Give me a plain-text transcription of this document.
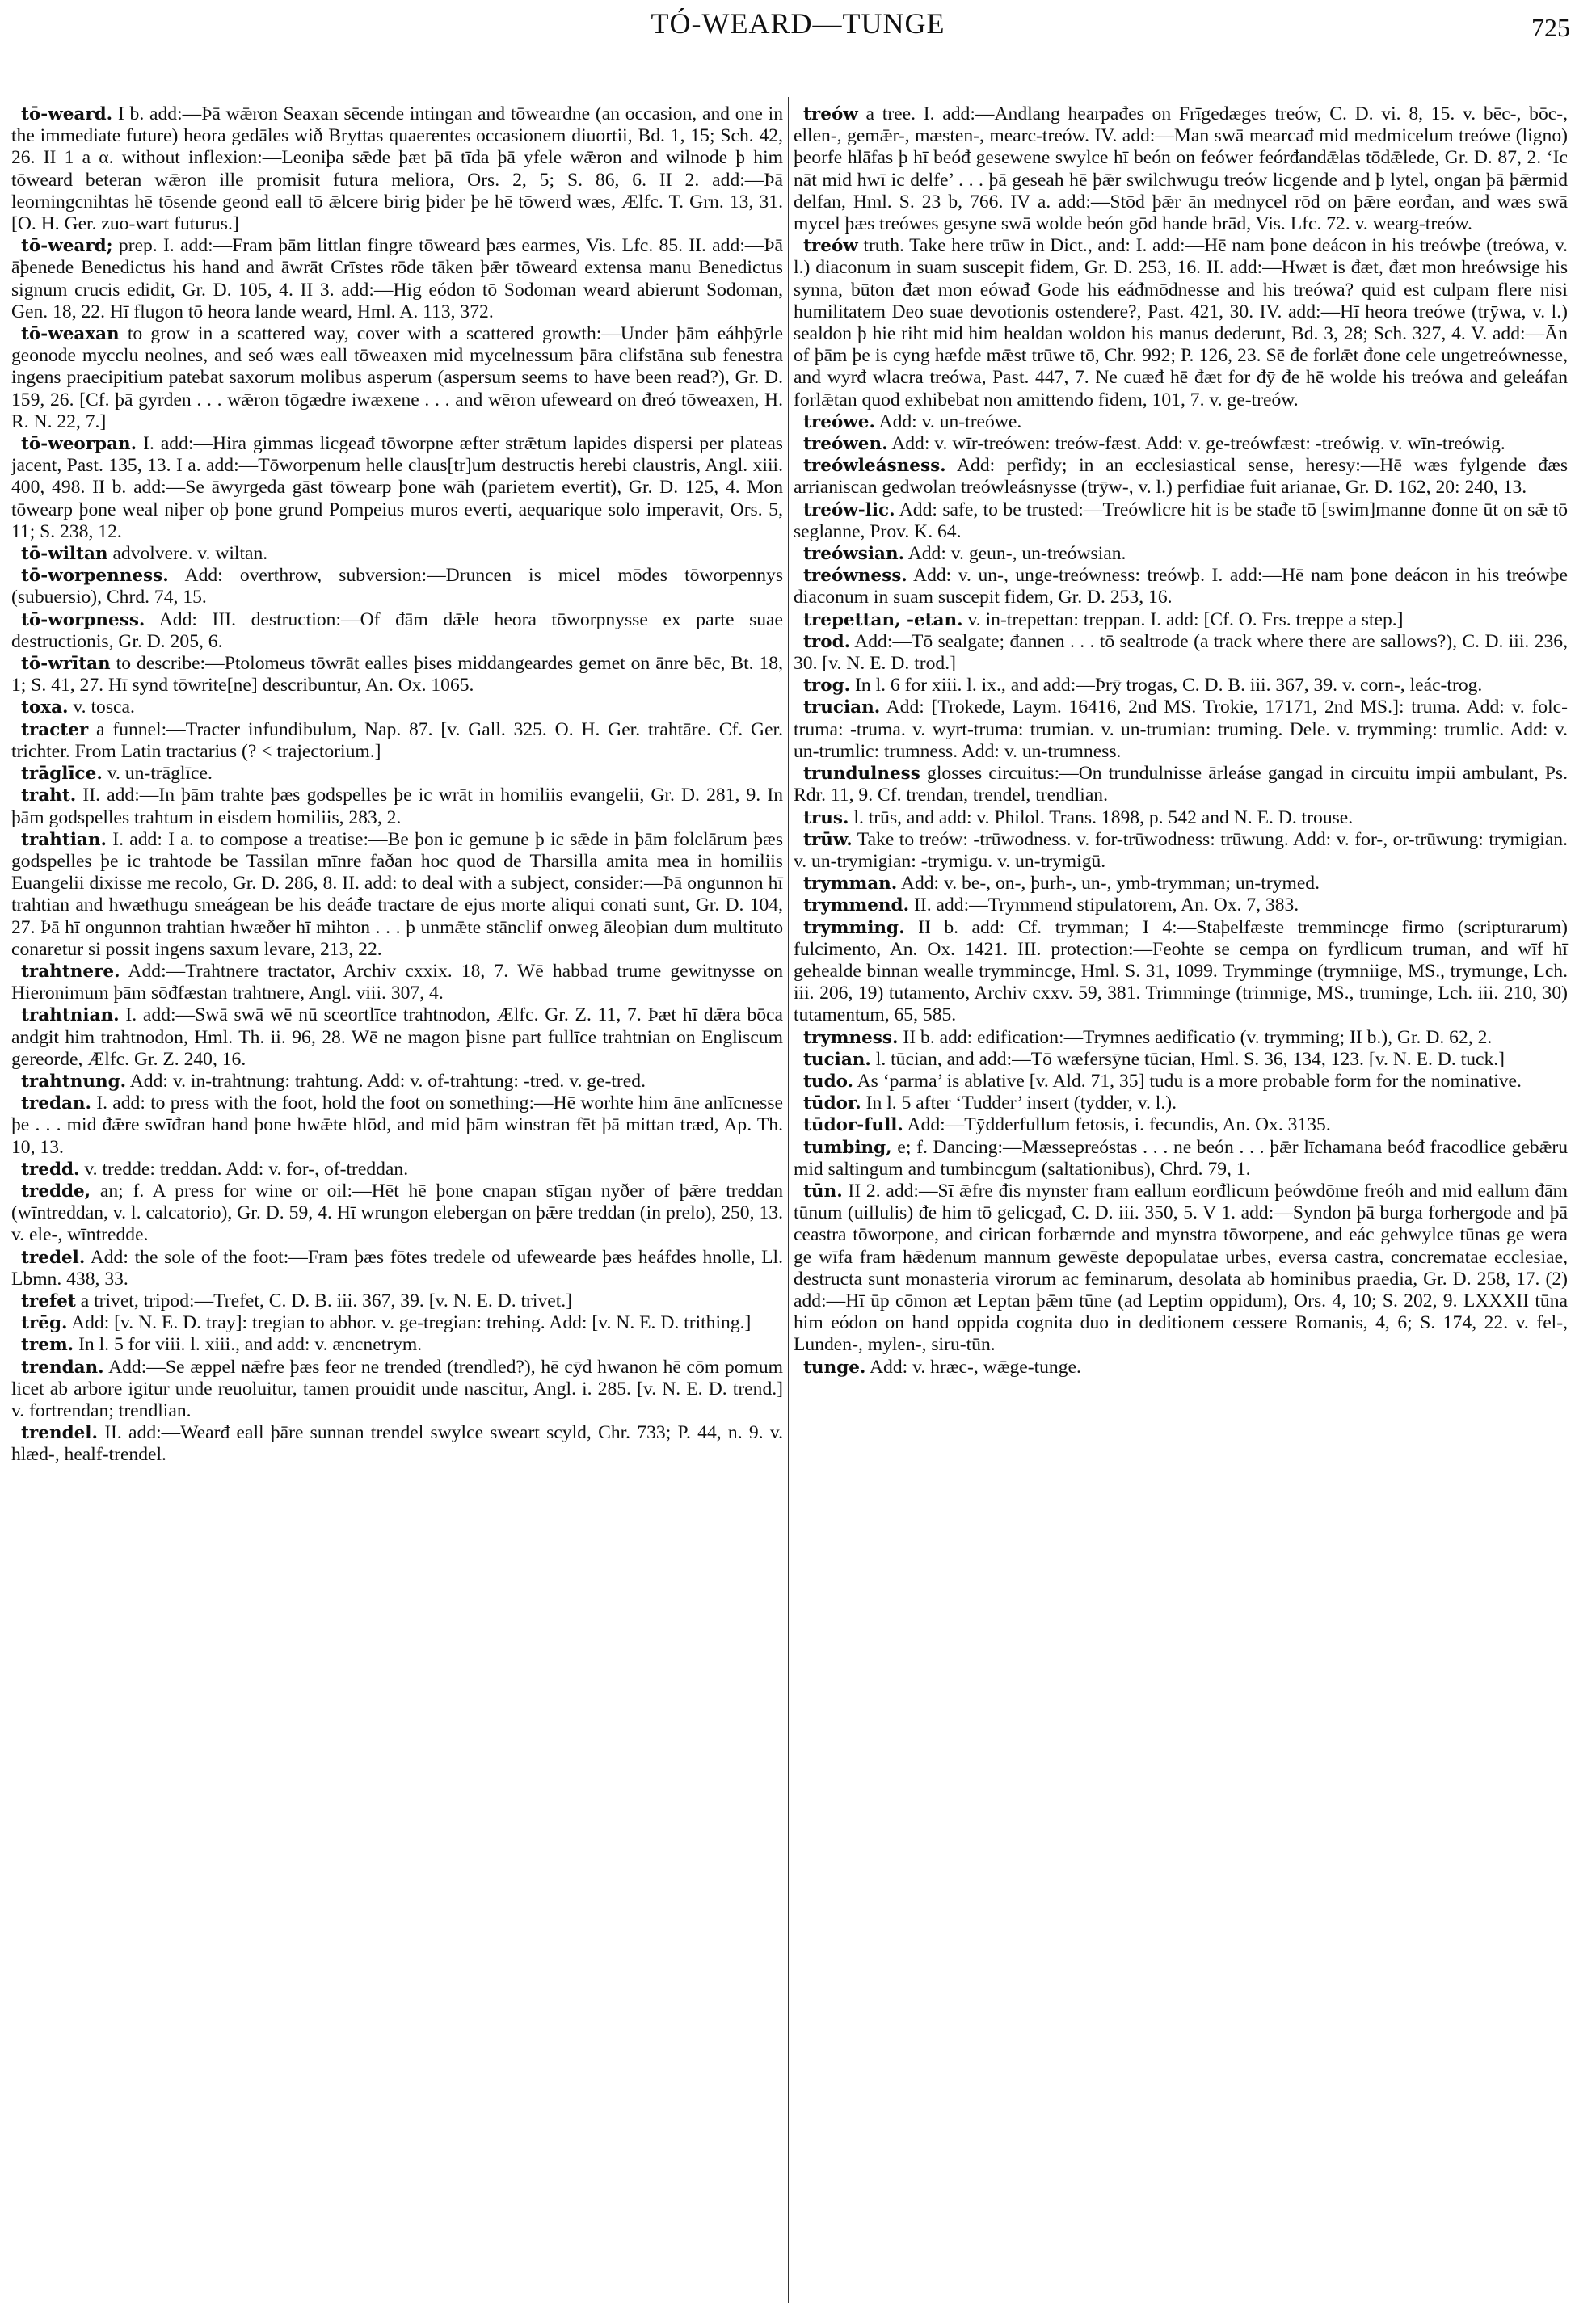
TÓ-WEARD—TUNGE	725

tō-weard. I b. add:—Þā wǣron Seaxan sēcende intingan and tōweardne (an occasion, and one in the immediate future) heora gedāles wið Bryttas quaerentes occasionem diuortii, Bd. 1, 15; Sch. 42, 26. II 1 a α. without inflexion:—Leoniþa sǣde þæt þā tīda þā yfele wǣron and wilnode þ him tōweard beteran wǣron ille promisit futura meliora, Ors. 2, 5; S. 86, 6. II 2. add:—Þā leorningcnihtas hē tōsende geond eall tō ǣlcere birig þider þe hē tōwerd wæs, Ælfc. T. Grn. 13, 31. [O. H. Ger. zuo-wart futurus.]

tō-weard; prep. I. add:—Fram þām littlan fingre tōweard þæs earmes, Vis. Lfc. 85. II. add:—Þā āþenede Benedictus his hand and āwrāt Crīstes rōde tāken þǣr tōweard extensa manu Benedictus signum crucis edidit, Gr. D. 105, 4. II 3. add:—Hig eódon tō Sodoman weard abierunt Sodoman, Gen. 18, 22. Hī flugon tō heora lande weard, Hml. A. 113, 372.

tō-weaxan to grow in a scattered way, cover with a scattered growth:—Under þām eáhþȳrle geonode mycclu neolnes, and seó wæs eall tōweaxen mid mycelnessum þāra clifstāna sub fenestra ingens praecipitium patebat saxorum molibus asperum (aspersum seems to have been read?), Gr. D. 159, 26. [Cf. þā gyrden . . . wǣron tōgædre iwæxene . . . and wēron ufeweard on đreó tōweaxen, H. R. N. 22, 7.]

tō-weorpan. I. add:—Hira gimmas licgeađ tōworpne æfter strǣtum lapides dispersi per plateas jacent, Past. 135, 13. I a. add:—Tōworpenum helle claus[tr]um destructis herebi claustris, Angl. xiii. 400, 498. II b. add:—Se āwyrgeda gāst tōwearp þone wāh (parietem evertit), Gr. D. 125, 4. Mon tōwearp þone weal niþer oþ þone grund Pompeius muros everti, aequarique solo imperavit, Ors. 5, 11; S. 238, 12.

tō-wiltan advolvere. v. wiltan.

tō-worpenness. Add: overthrow, subversion:—Druncen is micel mōdes tōworpennys (subuersio), Chrd. 74, 15.

tō-worpness. Add: III. destruction:—Of đām dǣle heora tōworpnysse ex parte suae destructionis, Gr. D. 205, 6.

tō-wrītan to describe:—Ptolomeus tōwrāt ealles þises middangeardes gemet on ānre bēc, Bt. 18, 1; S. 41, 27. Hī synd tōwrite[ne] describuntur, An. Ox. 1065.

toxa. v. tosca.

tracter a funnel:—Tracter infundibulum, Nap. 87. [v. Gall. 325. O. H. Ger. trahtāre. Cf. Ger. trichter. From Latin tractarius (? < trajectorium.]

trāglīce. v. un-trāglīce.

traht. II. add:—In þām trahte þæs godspelles þe ic wrāt in homiliis evangelii, Gr. D. 281, 9. In þām godspelles trahtum in eisdem homiliis, 283, 2.

trahtian. I. add: I a. to compose a treatise:—Be þon ic gemune þ ic sǣde in þām folclārum þæs godspelles þe ic trahtode be Tassilan mīnre faðan hoc quod de Tharsilla amita mea in homiliis Euangelii dixisse me recolo, Gr. D. 286, 8. II. add: to deal with a subject, consider:—Þā ongunnon hī trahtian and hwæthugu smeágean be his deáđe tractare de ejus morte aliqui conati sunt, Gr. D. 104, 27. Þā hī ongunnon trahtian hwæðer hī mihton . . . þ unmǣte stānclif onweg āleoþian dum multituto conaretur si possit ingens saxum levare, 213, 22.

trahtnere. Add:—Trahtnere tractator, Archiv cxxix. 18, 7. Wē habbađ trume gewitnysse on Hieronimum þām sōđfæstan trahtnere, Angl. viii. 307, 4.

trahtnian. I. add:—Swā swā wē nū sceortlīce trahtnodon, Ælfc. Gr. Z. 11, 7. Þæt hī dǣra bōca andgit him trahtnodon, Hml. Th. ii. 96, 28. Wē ne magon þisne part fullīce trahtnian on Engliscum gereorde, Ælfc. Gr. Z. 240, 16.

trahtnung. Add: v. in-trahtnung: trahtung. Add: v. of-trahtung: -tred. v. ge-tred.

tredan. I. add: to press with the foot, hold the foot on something:—Hē worhte him āne anlīcnesse þe . . . mid đǣre swīđran hand þone hwǣte hlōd, and mid þām winstran fēt þā mittan træd, Ap. Th. 10, 13.

tredd. v. tredde: treddan. Add: v. for-, of-treddan.

tredde, an; f. A press for wine or oil:—Hēt hē þone cnapan stīgan nyðer of þǣre treddan (wīntreddan, v. l. calcatorio), Gr. D. 59, 4. Hī wrungon elebergan on þǣre treddan (in prelo), 250, 13. v. ele-, wīntredde.

tredel. Add: the sole of the foot:—Fram þæs fōtes tredele ođ ufewearde þæs heáfdes hnolle, Ll. Lbmn. 438, 33.

trefet a trivet, tripod:—Trefet, C. D. B. iii. 367, 39. [v. N. E. D. trivet.]

trēg. Add: [v. N. E. D. tray]: tregian to abhor. v. ge-tregian: trehing. Add: [v. N. E. D. trithing.]

trem. In l. 5 for viii. l. xiii., and add: v. æncnetrym.

trendan. Add:—Se æppel nǣfre þæs feor ne trendeđ (trendleđ?), hē cȳđ hwanon hē cōm pomum licet ab arbore igitur unde reuoluitur, tamen prouidit unde nascitur, Angl. i. 285. [v. N. E. D. trend.] v. fortrendan; trendlian.

trendel. II. add:—Wearđ eall þāre sunnan trendel swylce sweart scyld, Chr. 733; P. 44, n. 9. v. hlæd-, healf-trendel.

treów a tree. I. add:—Andlang hearpađes on Frīgedæges treów, C. D. vi. 8, 15. v. bēc-, bōc-, ellen-, gemǣr-, mæsten-, mearc-treów. IV. add:—Man swā mearcađ mid medmicelum treówe (ligno) þeorfe hlāfas þ hī beóđ gesewene swylce hī beón on feówer feórđandǣlas tōdǣlede, Gr. D. 87, 2. ‘Ic nāt mid hwī ic delfe’ . . . þā geseah hē þǣr swilchwugu treów licgende and þ lytel, ongan þā þǣrmid delfan, Hml. S. 23 b, 766. IV a. add:—Stōd þǣr ān mednycel rōd on þǣre eorđan, and wæs swā mycel þæs treówes gesyne swā wolde beón gōd hande brād, Vis. Lfc. 72. v. wearg-treów.

treów truth. Take here trūw in Dict., and: I. add:—Hē nam þone deácon in his treówþe (treówa, v. l.) diaconum in suam suscepit fidem, Gr. D. 253, 16. II. add:—Hwæt is đæt, đæt mon hreówsige his synna, būton đæt mon eówađ Gode his eáđmōdnesse and his treówa? quid est culpam flere nisi humilitatem Deo suae devotionis ostendere?, Past. 421, 30. IV. add:—Hī heora treówe (trȳwa, v. l.) sealdon þ hie riht mid him healdan woldon his manus dederunt, Bd. 3, 28; Sch. 327, 4. V. add:—Ān of þām þe is cyng hæfde mǣst trūwe tō, Chr. 992; P. 126, 23. Sē đe forlǣt đone cele ungetreównesse, and wyrđ wlacra treówa, Past. 447, 7. Ne cuæđ hē đæt for đȳ đe hē wolde his treówa and geleáfan forlǣtan quod exhibebat non amittendo fidem, 101, 7. v. ge-treów.

treówe. Add: v. un-treówe.

treówen. Add: v. wīr-treówen: treów-fæst. Add: v. ge-treówfæst: -treówig. v. wīn-treówig.

treówleásness. Add: perfidy; in an ecclesiastical sense, heresy:—Hē wæs fylgende đæs arrianiscan gedwolan treówleásnysse (trȳw-, v. l.) perfidiae fuit arianae, Gr. D. 162, 20: 240, 13.

treów-lic. Add: safe, to be trusted:—Treówlicre hit is be stađe tō [swim]manne đonne ūt on sǣ tō seglanne, Prov. K. 64.

treówsian. Add: v. geun-, un-treówsian.

treówness. Add: v. un-, unge-treówness: treówþ. I. add:—Hē nam þone deácon in his treówþe diaconum in suam suscepit fidem, Gr. D. 253, 16.

trepettan, -etan. v. in-trepettan: treppan. I. add: [Cf. O. Frs. treppe a step.]

trod. Add:—Tō sealgate; đannen . . . tō sealtrode (a track where there are sallows?), C. D. iii. 236, 30. [v. N. E. D. trod.]

trog. In l. 6 for xiii. l. ix., and add:—Þrȳ trogas, C. D. B. iii. 367, 39. v. corn-, leác-trog.

trucian. Add: [Trokede, Laym. 16416, 2nd MS. Trokie, 17171, 2nd MS.]: truma. Add: v. folc-truma: -truma. v. wyrt-truma: trumian. v. un-trumian: truming. Dele. v. trymming: trumlic. Add: v. un-trumlic: trumness. Add: v. un-trumness.

trundulness glosses circuitus:—On trundulnisse ārleáse gangađ in circuitu impii ambulant, Ps. Rdr. 11, 9. Cf. trendan, trendel, trendlian.

trus. l. trūs, and add: v. Philol. Trans. 1898, p. 542 and N. E. D. trouse.

trūw. Take to treów: -trūwodness. v. for-trūwodness: trūwung. Add: v. for-, or-trūwung: trymigian. v. un-trymigian: -trymigu. v. un-trymigū.

trymman. Add: v. be-, on-, þurh-, un-, ymb-trymman; un-trymed.

trymmend. II. add:—Trymmend stipulatorem, An. Ox. 7, 383.

trymming. II b. add: Cf. trymman; I 4:—Staþelfæste tremmincge firmo (scripturarum) fulcimento, An. Ox. 1421. III. protection:—Feohte se cempa on fyrdlicum truman, and wīf hī gehealde binnan wealle trymmincge, Hml. S. 31, 1099. Trymminge (trymniige, MS., trymunge, Lch. iii. 206, 19) tutamento, Archiv cxxv. 59, 381. Trimminge (trimnige, MS., truminge, Lch. iii. 210, 30) tutamentum, 65, 585.

trymness. II b. add: edification:—Trymnes aedificatio (v. trymming; II b.), Gr. D. 62, 2.

tucian. l. tūcian, and add:—Tō wæfersȳne tūcian, Hml. S. 36, 134, 123. [v. N. E. D. tuck.]

tudo. As ‘parma’ is ablative [v. Ald. 71, 35] tudu is a more probable form for the nominative.

tūdor. In l. 5 after ‘Tudder’ insert (tydder, v. l.).

tūdor-full. Add:—Tȳdderfullum fetosis, i. fecundis, An. Ox. 3135.

tumbing, e; f. Dancing:—Mæssepreóstas . . . ne beón . . . þǣr līchamana beóđ fracodlice gebǣru mid saltingum and tumbincgum (saltationibus), Chrd. 79, 1.

tūn. II 2. add:—Sī ǣfre đis mynster fram eallum eorđlicum þeówdōme freóh and mid eallum đām tūnum (uillulis) đe him tō gelicgađ, C. D. iii. 350, 5. V 1. add:—Syndon þā burga forhergode and þā ceastra tōworpone, and cirican forbærnde and mynstra tōworpene, and eác gehwylce tūnas ge wera ge wīfa fram hǣđenum mannum gewēste depopulatae urbes, eversa castra, concrematae ecclesiae, destructa sunt monasteria virorum ac feminarum, desolata ab hominibus praedia, Gr. D. 258, 17. (2) add:—Hī ūp cōmon æt Leptan þǣm tūne (ad Leptim oppidum), Ors. 4, 10; S. 202, 9. LXXXII tūna him eódon on hand oppida cognita duo in deditionem cessere Romanis, 4, 6; S. 174, 22. v. fel-, Lunden-, mylen-, siru-tūn.

tunge. Add: v. hræc-, wǣge-tunge.
